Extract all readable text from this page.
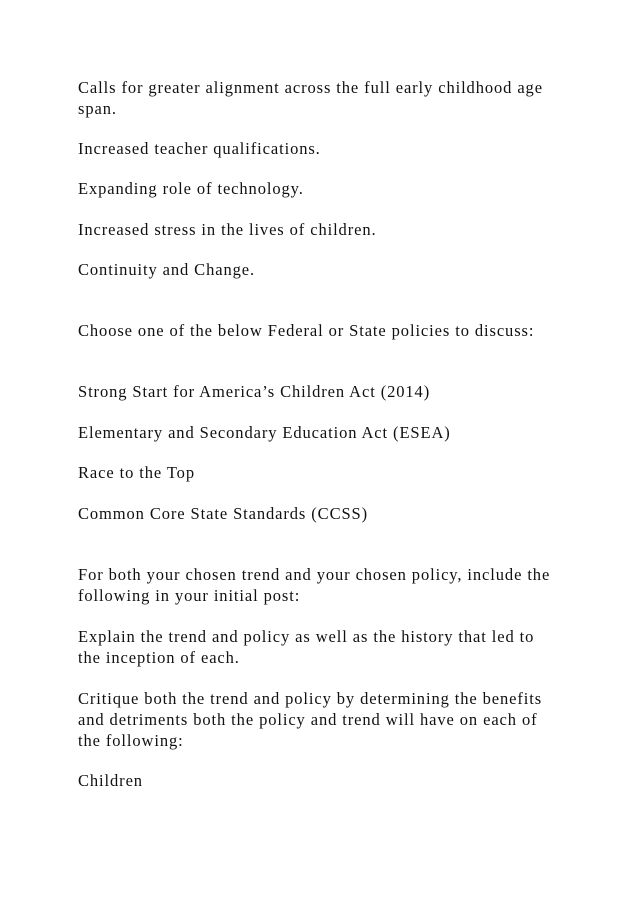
Calls for greater alignment across the full early childhood age

span.

Increased teacher qualifications.

Expanding role of technology.

Increased stress in the lives of children.

Continuity and Change.

Choose one of the below Federal or State policies to discuss:

Strong Start for America’s Children Act (2014)

Elementary and Secondary Education Act (ESEA)

Race to the Top

Common Core State Standards (CCSS)

For both your chosen trend and your chosen policy, include the

following in your initial post:

Explain the trend and policy as well as the history that led to

the inception of each.

Critique both the trend and policy by determining the benefits

and detriments both the policy and trend will have on each of

the following:

Children
